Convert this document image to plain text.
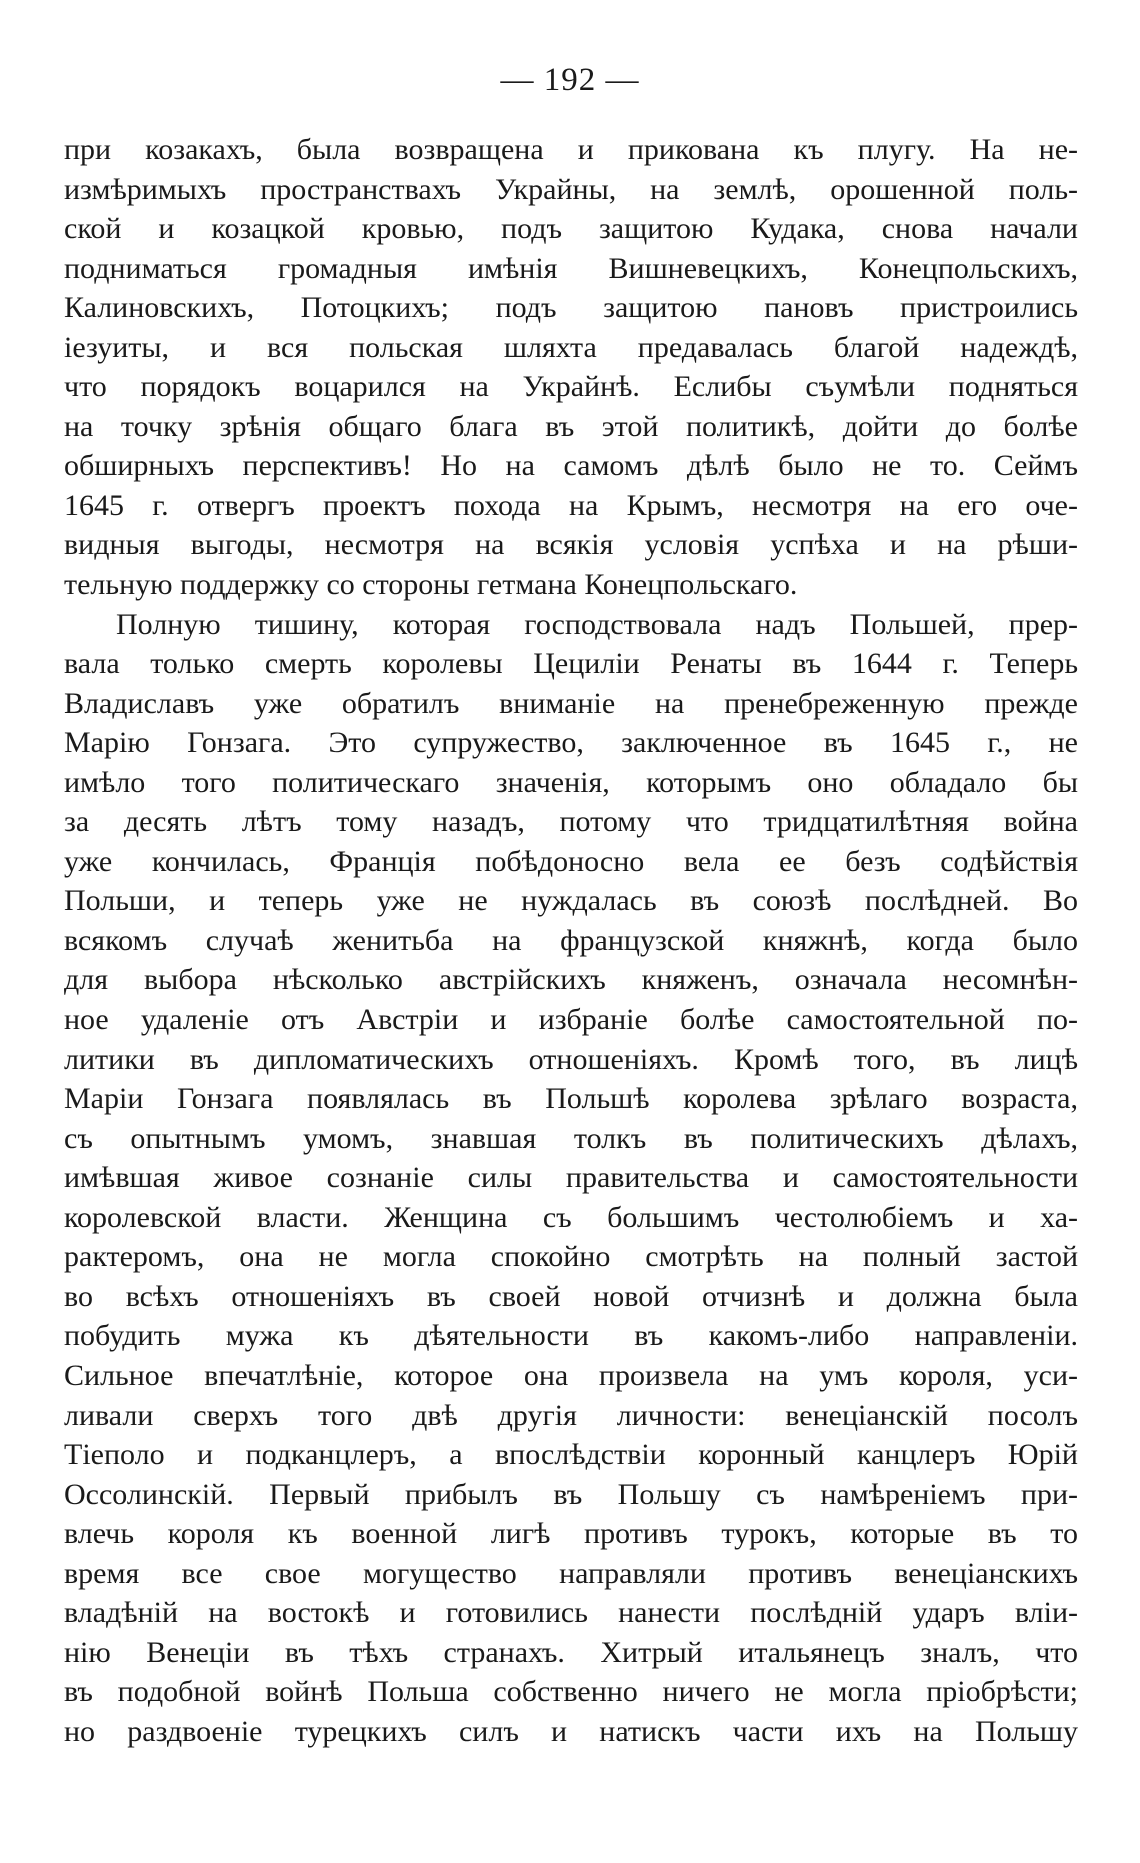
— 192 —
при козакахъ, была возвращена и прикована къ плугу. На не-
измѣримыхъ пространствахъ Украйны, на землѣ, орошенной поль-
ской и козацкой кровью, подъ защитою Кудака, снова начали
подниматься громадныя имѣнія Вишневецкихъ, Конецпольскихъ,
Калиновскихъ, Потоцкихъ; подъ защитою пановъ пристроились
іезуиты, и вся польская шляхта предавалась благой надеждѣ,
что порядокъ воцарился на Украйнѣ. Еслибы съумѣли подняться
на точку зрѣнія общаго блага въ этой политикѣ, дойти до болѣе
обширныхъ перспективъ! Но на самомъ дѣлѣ было не то. Сеймъ
1645 г. отвергъ проектъ похода на Крымъ, несмотря на его оче-
видныя выгоды, несмотря на всякія условія успѣха и на рѣши-
тельную поддержку со стороны гетмана Конецпольскаго.
Полную тишину, которая господствовала надъ Польшей, прер-
вала только смерть королевы Цециліи Ренаты въ 1644 г. Теперь
Владиславъ уже обратилъ вниманіе на пренебреженную прежде
Марію Гонзага. Это супружество, заключенное въ 1645 г., не
имѣло того политическаго значенія, которымъ оно обладало бы
за десять лѣтъ тому назадъ, потому что тридцатилѣтняя война
уже кончилась, Францiя побѣдоносно вела ее безъ содѣйствія
Польши, и теперь уже не нуждалась въ союзѣ послѣдней. Во
всякомъ случаѣ женитьба на французской княжнѣ, когда было
для выбора нѣсколько австрійскихъ княженъ, означала несомнѣн-
ное удаленіе отъ Австріи и избраніе болѣе самостоятельной по-
литики въ дипломатическихъ отношеніяхъ. Кромѣ того, въ лицѣ
Маріи Гонзага появлялась въ Польшѣ королева зрѣлаго возраста,
съ опытнымъ умомъ, знавшая толкъ въ политическихъ дѣлахъ,
имѣвшая живое сознаніе силы правительства и самостоятельности
королевской власти. Женщина съ большимъ честолюбіемъ и ха-
рактеромъ, она не могла спокойно смотрѣть на полный застой
во всѣхъ отношеніяхъ въ своей новой отчизнѣ и должна была
побудить мужа къ дѣятельности въ какомъ-либо направленіи.
Сильное впечатлѣніе, которое она произвела на умъ короля, уси-
ливали сверхъ того двѣ другія личности: венеціанскій посолъ
Тіеполо и подканцлеръ, а впослѣдствіи коронный канцлеръ Юрій
Оссолинскій. Первый прибылъ въ Польшу съ намѣреніемъ при-
влечь короля къ военной лигѣ противъ турокъ, которые въ то
время все свое могущество направляли противъ венеціанскихъ
владѣній на востокѣ и готовились нанести послѣдній ударъ вліи-
нію Венеціи въ тѣхъ странахъ. Хитрый итальянецъ зналъ, что
въ подобной войнѣ Польша собственно ничего не могла пріобрѣсти;
но раздвоеніе турецкихъ силъ и натискъ части ихъ на Польшу
